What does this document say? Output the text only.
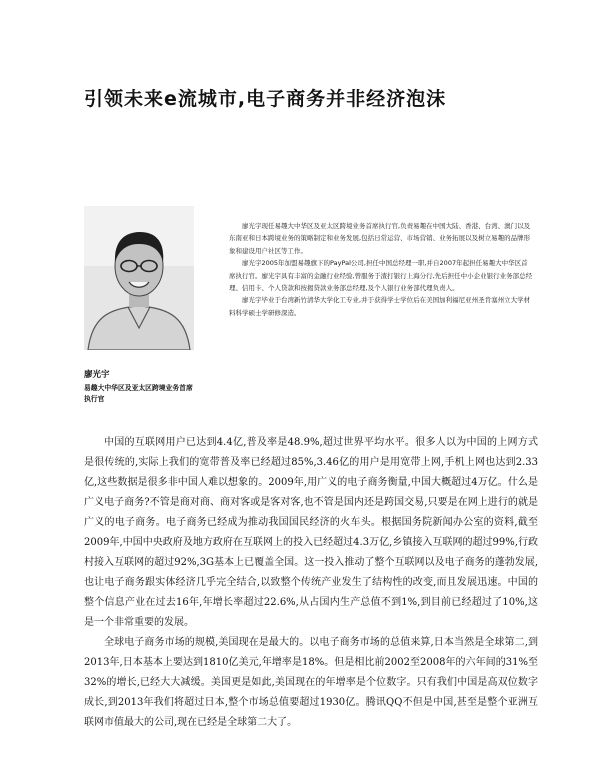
引领未来e流城市,电子商务并非经济泡沫
廖光宇
易趣大中华区及亚太区跨境业务首席执行官

廖光宇现任易趣大中华区及亚太区跨境业务首席执行官,负责易趣在中国大陆、香港、台湾、澳门以及东南亚和日本跨境业务的策略制定和业务发展,包括日常运营、市场营销、业务拓展以及树立易趣的品牌形象和建设用户社区等工作。

廖光宇2005年加盟易趣旗下的PayPal公司,担任中国总经理一职,并自2007年起担任易趣大中华区首席执行官。廖光宇具有丰富的金融行业经验,曾服务于渣打银行上海分行,先后担任中小企业银行业务部总经理、信用卡、个人贷款和按揭贷款业务部总经理,及个人银行业务部代理负责人。

廖光宇毕业于台湾新竹清华大学化工专业,并于获得学士学位后在美国加利福尼亚州圣肯塞州立大学材料科学硕士学研修深造。

中国的互联网用户已达到4.4亿,普及率是48.9%,超过世界平均水平。很多人以为中国的上网方式是很传统的,实际上我们的宽带普及率已经超过85%,3.46亿的用户是用宽带上网,手机上网也达到2.33亿,这些数据是很多非中国人难以想象的。2009年,用广义的电子商务衡量,中国大概超过4万亿。什么是广义电子商务?不管是商对商、商对客或是客对客,也不管是国内还是跨国交易,只要是在网上进行的就是广义的电子商务。电子商务已经成为推动我国国民经济的火车头。根据国务院新闻办公室的资料,截至2009年,中国中央政府及地方政府在互联网上的投入已经超过4.3万亿,乡镇接入互联网的超过99%,行政村接入互联网的超过92%,3G基本上已覆盖全国。这一投入推动了整个互联网以及电子商务的蓬勃发展,也让电子商务跟实体经济几乎完全结合,以致整个传统产业发生了结构性的改变,而且发展迅速。中国的整个信息产业在过去16年,年增长率超过22.6%,从占国内生产总值不到1%,到目前已经超过了10%,这是一个非常重要的发展。

全球电子商务市场的规模,美国现在是最大的。以电子商务市场的总值来算,日本当然是全球第二,到2013年,日本基本上要达到1810亿美元,年增率是18%。但是相比前2002至2008年的六年间的31%至32%的增长,已经大大减缓。美国更是如此,美国现在的年增率是个位数字。只有我们中国是高双位数字成长,到2013年我们将超过日本,整个市场总值要超过1930亿。腾讯QQ不但是中国,甚至是整个亚洲互联网市值最大的公司,现在已经是全球第二大了。
